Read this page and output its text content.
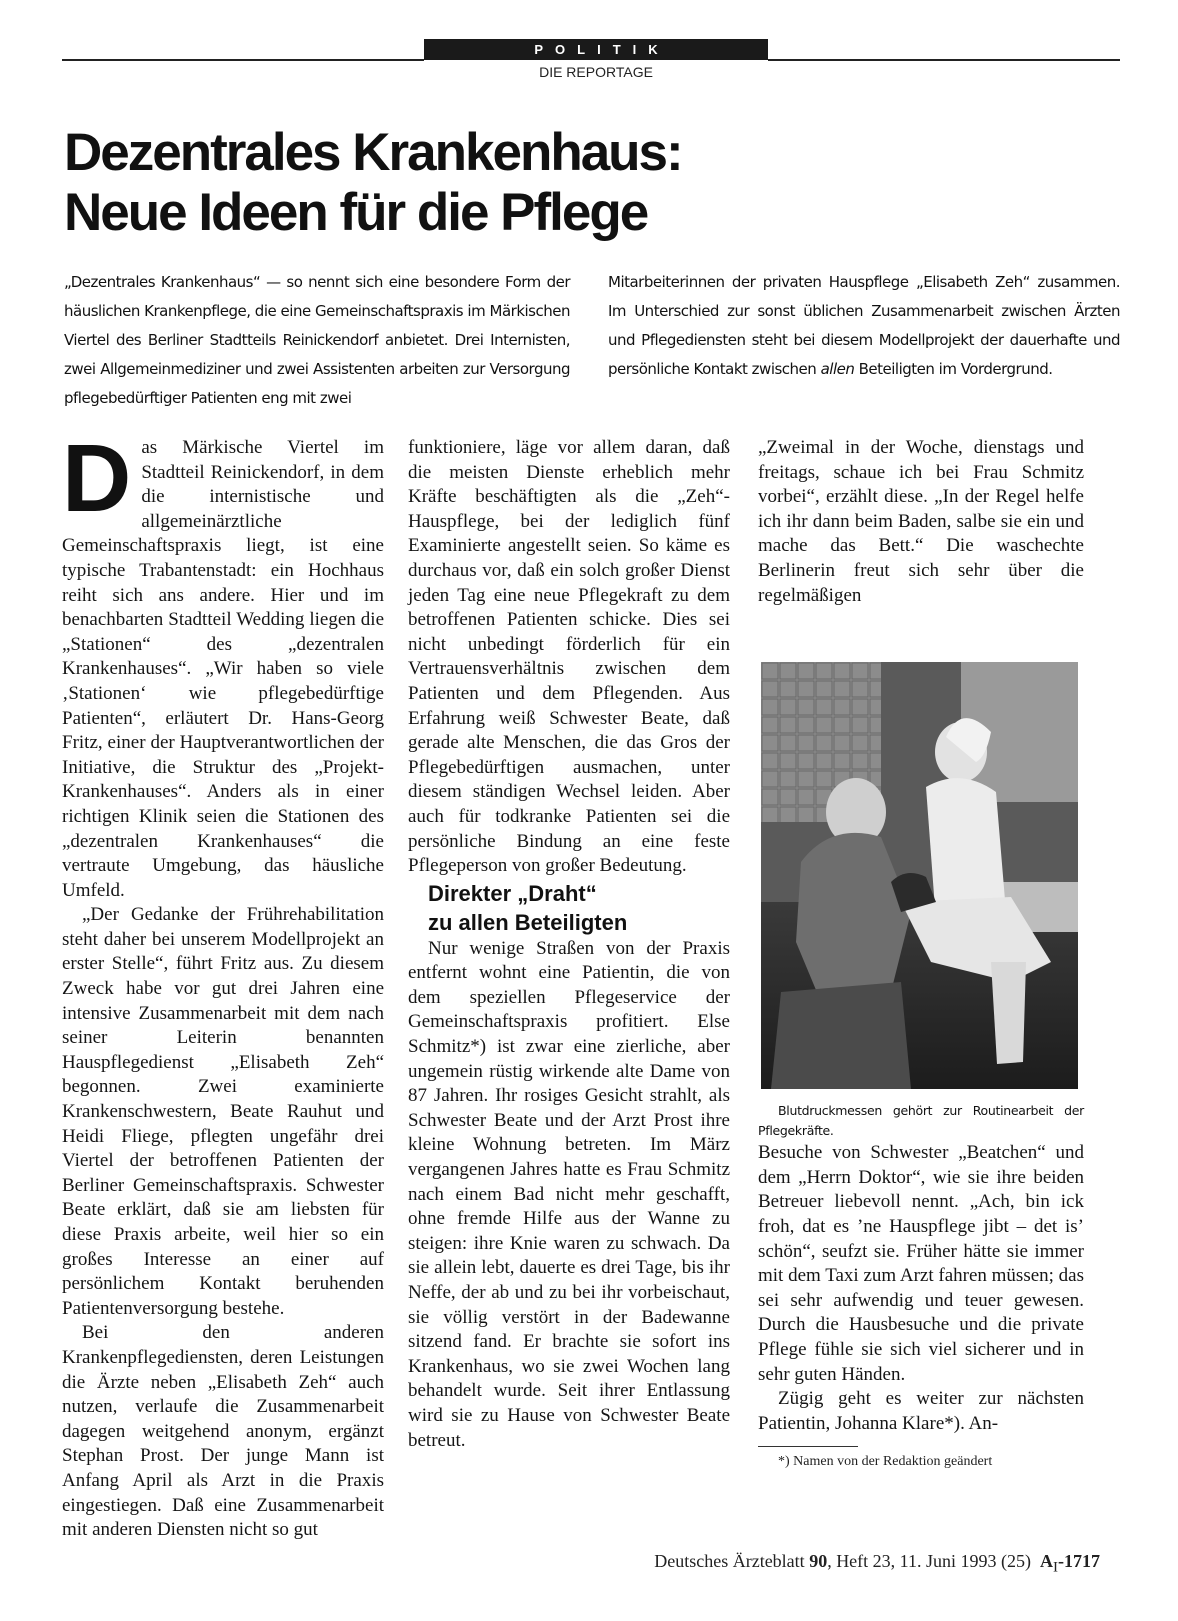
POLITIK
DIE REPORTAGE
Dezentrales Krankenhaus:
Neue Ideen für die Pflege

„Dezentrales Krankenhaus“ — so nennt sich eine besondere Form der häuslichen Krankenpflege, die eine Gemeinschaftspraxis im Märkischen Viertel des Berliner Stadtteils Reinickendorf anbietet. Drei Internisten, zwei Allgemeinmediziner und zwei Assistenten arbeiten zur Versorgung pflegebedürftiger Patienten eng mit zwei

Mitarbeiterinnen der privaten Hauspflege „Elisabeth Zeh“ zusammen. Im Unterschied zur sonst üblichen Zusammenarbeit zwischen Ärzten und Pflegediensten steht bei diesem Modellprojekt der dauerhafte und persönliche Kontakt zwischen allen Beteiligten im Vordergrund.

Das Märkische Viertel im Stadtteil Reinickendorf, in dem die internistische und allgemeinärztliche Gemeinschaftspraxis liegt, ist eine typische Trabantenstadt: ein Hochhaus reiht sich ans andere. Hier und im benachbarten Stadtteil Wedding liegen die „Stationen“ des „dezentralen Krankenhauses“. „Wir haben so viele ‚Stationen‘ wie pflegebedürftige Patienten“, erläutert Dr. Hans-Georg Fritz, einer der Hauptverantwortlichen der Initiative, die Struktur des „Projekt-Krankenhauses“. Anders als in einer richtigen Klinik seien die Stationen des „dezentralen Krankenhauses“ die vertraute Umgebung, das häusliche Umfeld.

„Der Gedanke der Frührehabilitation steht daher bei unserem Modellprojekt an erster Stelle“, führt Fritz aus. Zu diesem Zweck habe vor gut drei Jahren eine intensive Zusammenarbeit mit dem nach seiner Leiterin benannten Hauspflegedienst „Elisabeth Zeh“ begonnen. Zwei examinierte Krankenschwestern, Beate Rauhut und Heidi Fliege, pflegten ungefähr drei Viertel der betroffenen Patienten der Berliner Gemeinschaftspraxis. Schwester Beate erklärt, daß sie am liebsten für diese Praxis arbeite, weil hier so ein großes Interesse an einer auf persönlichem Kontakt beruhenden Patientenversorgung bestehe.

Bei den anderen Krankenpflegediensten, deren Leistungen die Ärzte neben „Elisabeth Zeh“ auch nutzen, verlaufe die Zusammenarbeit dagegen weitgehend anonym, ergänzt Stephan Prost. Der junge Mann ist Anfang April als Arzt in die Praxis eingestiegen. Daß eine Zusammenarbeit mit anderen Diensten nicht so gut

funktioniere, läge vor allem daran, daß die meisten Dienste erheblich mehr Kräfte beschäftigten als die „Zeh“-Hauspflege, bei der lediglich fünf Examinierte angestellt seien. So käme es durchaus vor, daß ein solch großer Dienst jeden Tag eine neue Pflegekraft zu dem betroffenen Patienten schicke. Dies sei nicht unbedingt förderlich für ein Vertrauensverhältnis zwischen dem Patienten und dem Pflegenden. Aus Erfahrung weiß Schwester Beate, daß gerade alte Menschen, die das Gros der Pflegebedürftigen ausmachen, unter diesem ständigen Wechsel leiden. Aber auch für todkranke Patienten sei die persönliche Bindung an eine feste Pflegeperson von großer Bedeutung.

Direkter „Draht“
zu allen Beteiligten

Nur wenige Straßen von der Praxis entfernt wohnt eine Patientin, die von dem speziellen Pflegeservice der Gemeinschaftspraxis profitiert. Else Schmitz*) ist zwar eine zierliche, aber ungemein rüstig wirkende alte Dame von 87 Jahren. Ihr rosiges Gesicht strahlt, als Schwester Beate und der Arzt Prost ihre kleine Wohnung betreten. Im März vergangenen Jahres hatte es Frau Schmitz nach einem Bad nicht mehr geschafft, ohne fremde Hilfe aus der Wanne zu steigen: ihre Knie waren zu schwach. Da sie allein lebt, dauerte es drei Tage, bis ihr Neffe, der ab und zu bei ihr vorbeischaut, sie völlig verstört in der Badewanne sitzend fand. Er brachte sie sofort ins Krankenhaus, wo sie zwei Wochen lang behandelt wurde. Seit ihrer Entlassung wird sie zu Hause von Schwester Beate betreut.

„Zweimal in der Woche, dienstags und freitags, schaue ich bei Frau Schmitz vorbei“, erzählt diese. „In der Regel helfe ich ihr dann beim Baden, salbe sie ein und mache das Bett.“ Die waschechte Berlinerin freut sich sehr über die regelmäßigen

Blutdruckmessen gehört zur Routinearbeit der Pflegekräfte.

Besuche von Schwester „Beatchen“ und dem „Herrn Doktor“, wie sie ihre beiden Betreuer liebevoll nennt. „Ach, bin ick froh, dat es ’ne Hauspflege jibt – det is’ schön“, seufzt sie. Früher hätte sie immer mit dem Taxi zum Arzt fahren müssen; das sei sehr aufwendig und teuer gewesen. Durch die Hausbesuche und die private Pflege fühle sie sich viel sicherer und in sehr guten Händen.

Zügig geht es weiter zur nächsten Patientin, Johanna Klare*). An-

*) Namen von der Redaktion geändert

Deutsches Ärzteblatt 90, Heft 23, 11. Juni 1993 (25) $A_I-1717$
